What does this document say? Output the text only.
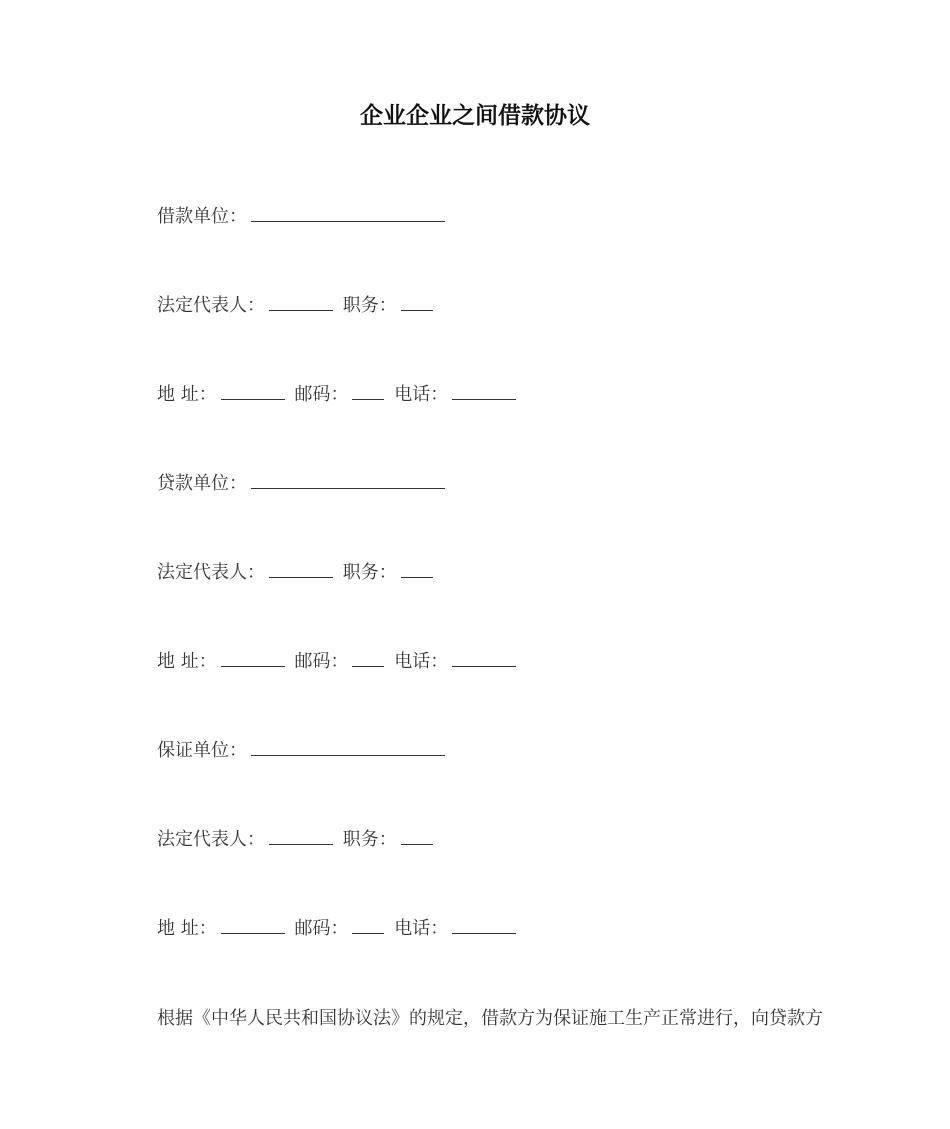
企业企业之间借款协议
借款单位：
法定代表人：	职务：
地 址：	邮码：	电话：
贷款单位：
法定代表人：	职务：
地 址：	邮码：	电话：
保证单位：
法定代表人：	职务：
地 址：	邮码：	电话：
根据《中华人民共和国协议法》的规定，借款方为保证施工生产正常进行，向贷款方
